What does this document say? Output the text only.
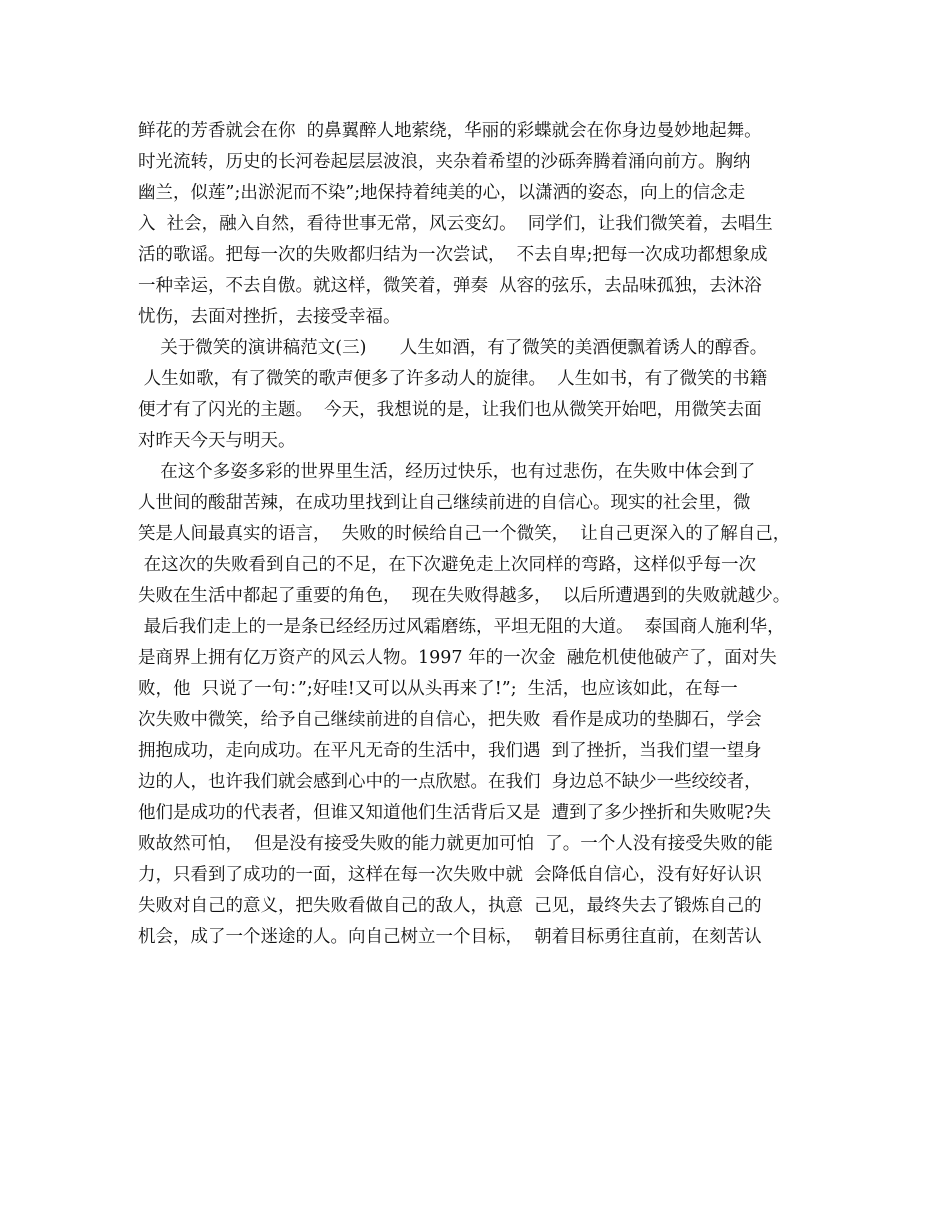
鲜花的芳香就会在你  的鼻翼醉人地萦绕，华丽的彩蝶就会在你身边曼妙地起舞。
时光流转，历史的长河卷起层层波浪，夹杂着希望的沙砾奔腾着涌向前方。胸纳
幽兰，似莲”;出淤泥而不染”;地保持着纯美的心，以潇洒的姿态，向上的信念走
入  社会，融入自然，看待世事无常，风云变幻。  同学们，让我们微笑着，去唱生
活的歌谣。把每一次的失败都归结为一次尝试，  不去自卑;把每一次成功都想象成
一种幸运，不去自傲。就这样，微笑着，弹奏  从容的弦乐，去品味孤独，去沐浴
忧伤，去面对挫折，去接受幸福。
关于微笑的演讲稿范文(三)      人生如酒，有了微笑的美酒便飘着诱人的醇香。
人生如歌，有了微笑的歌声便多了许多动人的旋律。  人生如书，有了微笑的书籍
便才有了闪光的主题。  今天，我想说的是，让我们也从微笑开始吧，用微笑去面
对昨天今天与明天。
在这个多姿多彩的世界里生活，经历过快乐，也有过悲伤，在失败中体会到了
人世间的酸甜苦辣，在成功里找到让自己继续前进的自信心。现实的社会里，微
笑是人间最真实的语言，  失败的时候给自己一个微笑，  让自己更深入的了解自己，
在这次的失败看到自己的不足，在下次避免走上次同样的弯路，这样似乎每一次
失败在生活中都起了重要的角色，  现在失败得越多，  以后所遭遇到的失败就越少。
最后我们走上的一是条已经经历过风霜磨练，平坦无阻的大道。  泰国商人施利华，
是商界上拥有亿万资产的风云人物。1997 年的一次金  融危机使他破产了，面对失
败，他  只说了一句：”;好哇!又可以从头再来了!”;  生活，也应该如此，在每一
次失败中微笑，给予自己继续前进的自信心，把失败  看作是成功的垫脚石，学会
拥抱成功，走向成功。在平凡无奇的生活中，我们遇  到了挫折，当我们望一望身
边的人，也许我们就会感到心中的一点欣慰。在我们  身边总不缺少一些绞绞者，
他们是成功的代表者，但谁又知道他们生活背后又是  遭到了多少挫折和失败呢?失
败故然可怕，  但是没有接受失败的能力就更加可怕  了。一个人没有接受失败的能
力，只看到了成功的一面，这样在每一次失败中就  会降低自信心，没有好好认识
失败对自己的意义，把失败看做自己的敌人，执意  己见，最终失去了锻炼自己的
机会，成了一个迷途的人。向自己树立一个目标，  朝着目标勇往直前，在刻苦认
